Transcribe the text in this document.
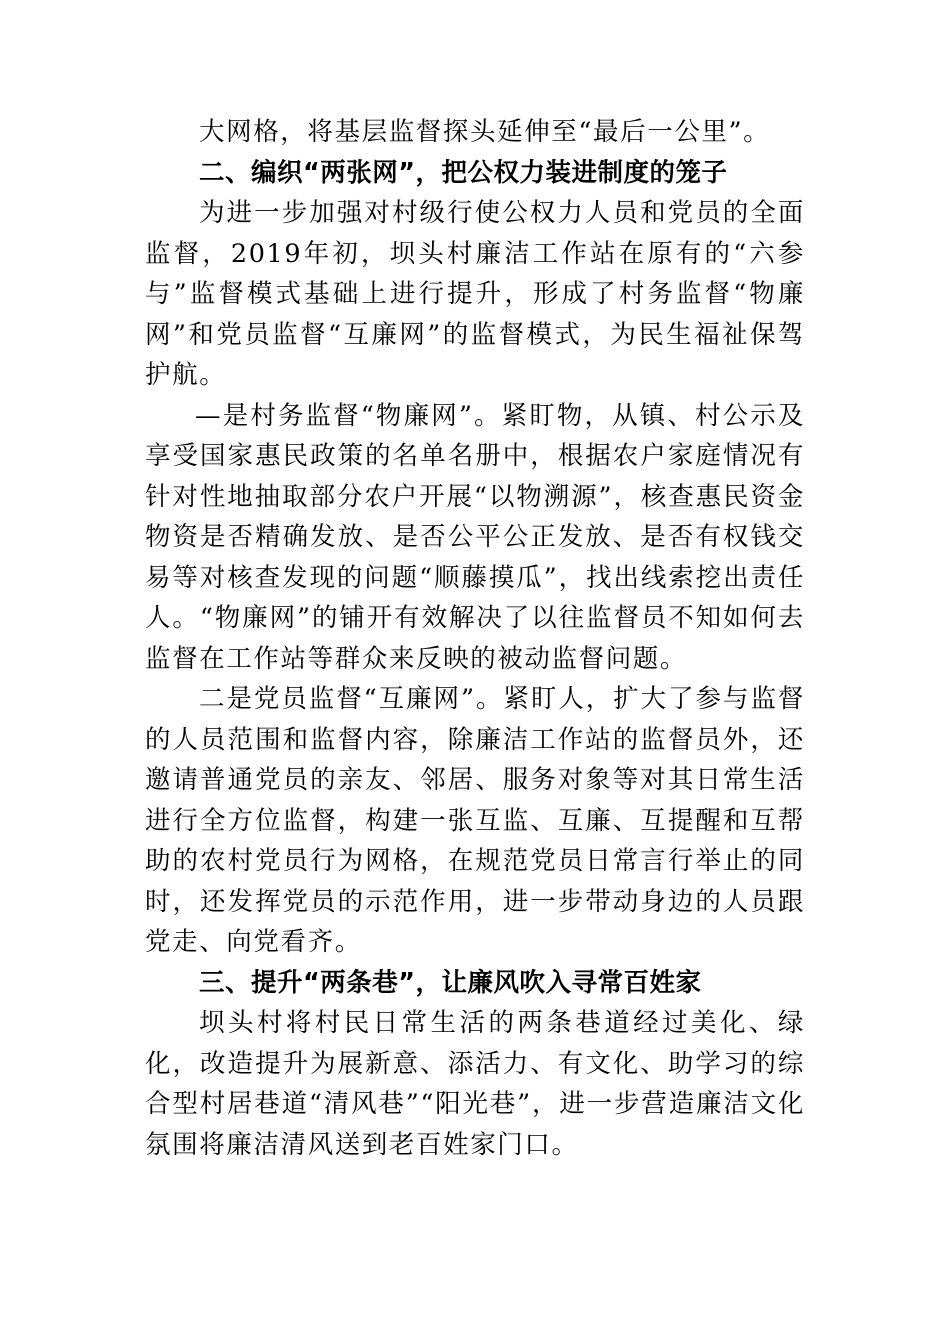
大网格，将基层监督探头延伸至“最后一公里”。

二、编织“两张网”，把公权力装进制度的笼子

为进一步加强对村级行使公权力人员和党员的全面监督，2019年初，坝头村廉洁工作站在原有的“六参与”监督模式基础上进行提升，形成了村务监督“物廉网”和党员监督“互廉网”的监督模式，为民生福祉保驾护航。

—是村务监督“物廉网”。紧盯物，从镇、村公示及享受国家惠民政策的名单名册中，根据农户家庭情况有针对性地抽取部分农户开展“以物溯源”，核查惠民资金物资是否精确发放、是否公平公正发放、是否有权钱交易等对核查发现的问题“顺藤摸瓜”，找出线索挖出责任人。“物廉网”的铺开有效解决了以往监督员不知如何去监督在工作站等群众来反映的被动监督问题。

二是党员监督“互廉网”。紧盯人，扩大了参与监督的人员范围和监督内容，除廉洁工作站的监督员外，还邀请普通党员的亲友、邻居、服务对象等对其日常生活进行全方位监督，构建一张互监、互廉、互提醒和互帮助的农村党员行为网格，在规范党员日常言行举止的同时，还发挥党员的示范作用，进一步带动身边的人员跟党走、向党看齐。

三、提升“两条巷”，让廉风吹入寻常百姓家

坝头村将村民日常生活的两条巷道经过美化、绿化，改造提升为展新意、添活力、有文化、助学习的综合型村居巷道“清风巷”“阳光巷”，进一步营造廉洁文化氛围将廉洁清风送到老百姓家门口。
